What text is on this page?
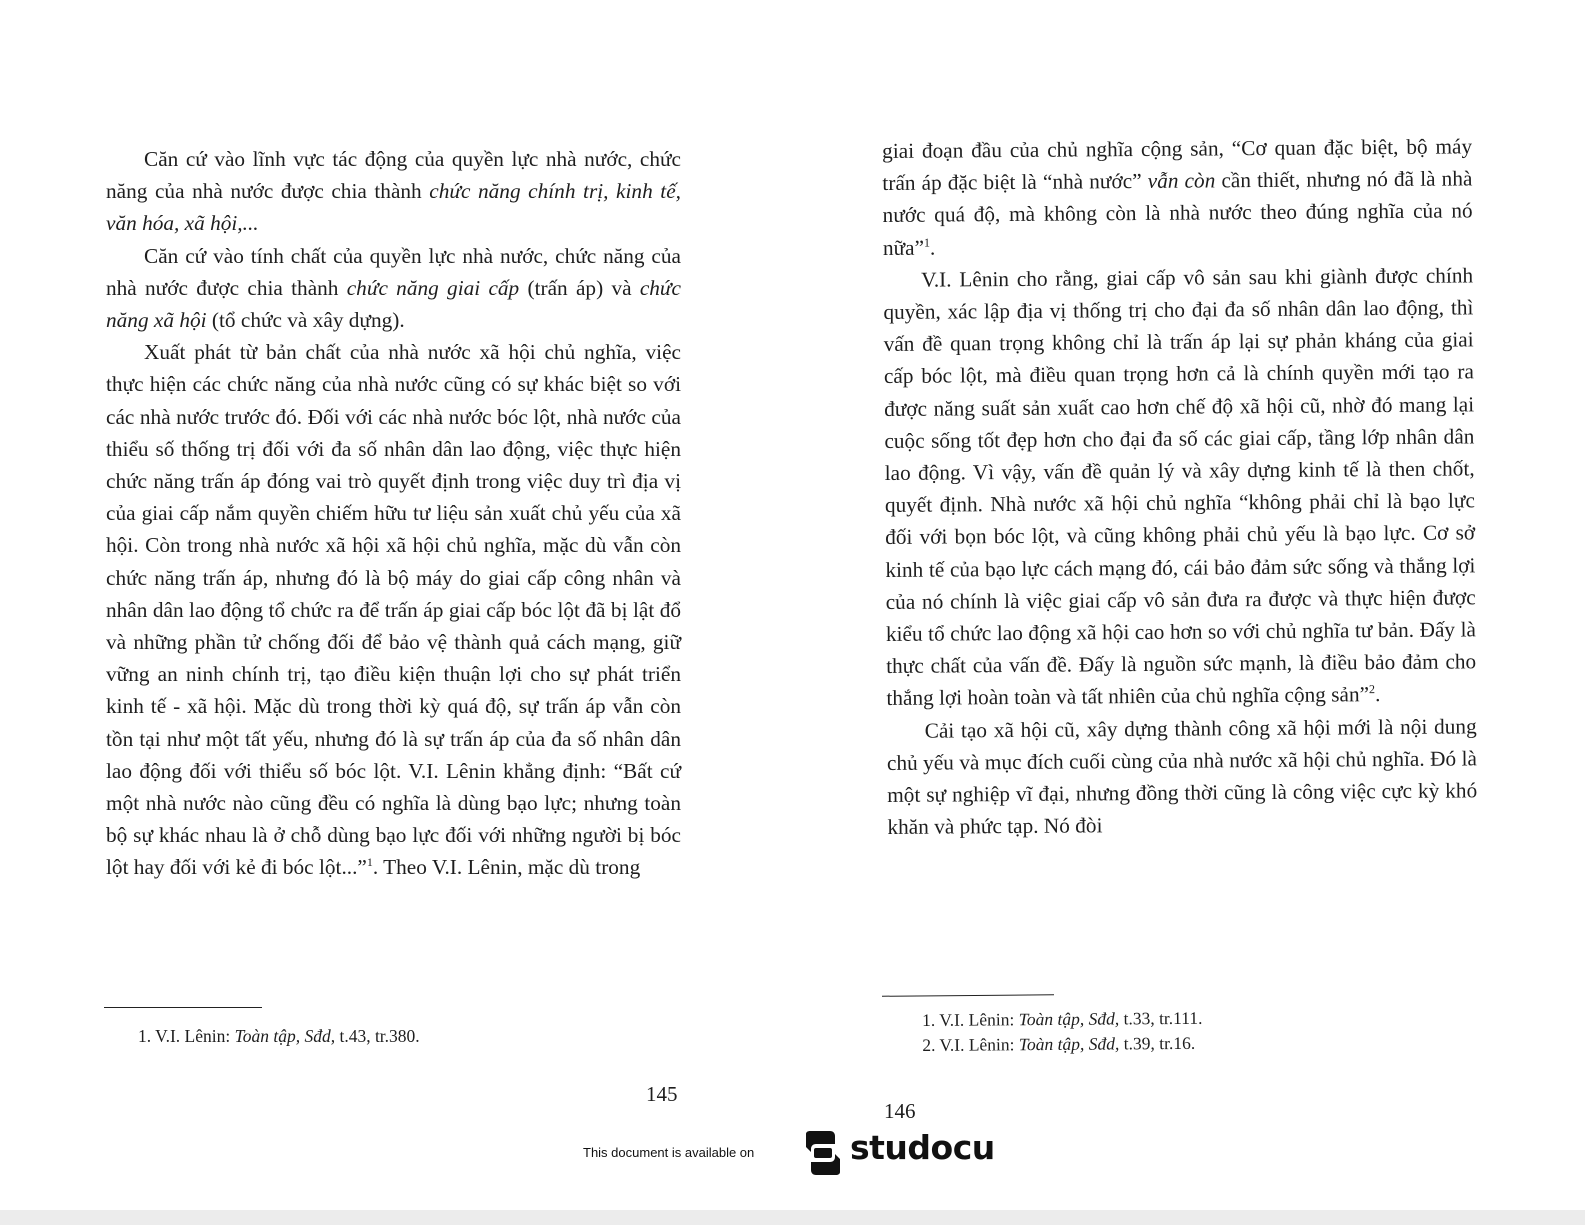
Căn cứ vào lĩnh vực tác động của quyền lực nhà nước, chức năng của nhà nước được chia thành chức năng chính trị, kinh tế, văn hóa, xã hội,...

Căn cứ vào tính chất của quyền lực nhà nước, chức năng của nhà nước được chia thành chức năng giai cấp (trấn áp) và chức năng xã hội (tổ chức và xây dựng).

Xuất phát từ bản chất của nhà nước xã hội chủ nghĩa, việc thực hiện các chức năng của nhà nước cũng có sự khác biệt so với các nhà nước trước đó. Đối với các nhà nước bóc lột, nhà nước của thiểu số thống trị đối với đa số nhân dân lao động, việc thực hiện chức năng trấn áp đóng vai trò quyết định trong việc duy trì địa vị của giai cấp nắm quyền chiếm hữu tư liệu sản xuất chủ yếu của xã hội. Còn trong nhà nước xã hội xã hội chủ nghĩa, mặc dù vẫn còn chức năng trấn áp, nhưng đó là bộ máy do giai cấp công nhân và nhân dân lao động tổ chức ra để trấn áp giai cấp bóc lột đã bị lật đổ và những phần tử chống đối để bảo vệ thành quả cách mạng, giữ vững an ninh chính trị, tạo điều kiện thuận lợi cho sự phát triển kinh tế - xã hội. Mặc dù trong thời kỳ quá độ, sự trấn áp vẫn còn tồn tại như một tất yếu, nhưng đó là sự trấn áp của đa số nhân dân lao động đối với thiểu số bóc lột. V.I. Lênin khẳng định: “Bất cứ một nhà nước nào cũng đều có nghĩa là dùng bạo lực; nhưng toàn bộ sự khác nhau là ở chỗ dùng bạo lực đối với những người bị bóc lột hay đối với kẻ đi bóc lột...”$^1$. Theo V.I. Lênin, mặc dù trong

1. V.I. Lênin: Toàn tập, Sđd, t.43, tr.380.
145

giai đoạn đầu của chủ nghĩa cộng sản, “Cơ quan đặc biệt, bộ máy trấn áp đặc biệt là “nhà nước” vẫn còn cần thiết, nhưng nó đã là nhà nước quá độ, mà không còn là nhà nước theo đúng nghĩa của nó nữa”$^1$.

V.I. Lênin cho rằng, giai cấp vô sản sau khi giành được chính quyền, xác lập địa vị thống trị cho đại đa số nhân dân lao động, thì vấn đề quan trọng không chỉ là trấn áp lại sự phản kháng của giai cấp bóc lột, mà điều quan trọng hơn cả là chính quyền mới tạo ra được năng suất sản xuất cao hơn chế độ xã hội cũ, nhờ đó mang lại cuộc sống tốt đẹp hơn cho đại đa số các giai cấp, tầng lớp nhân dân lao động. Vì vậy, vấn đề quản lý và xây dựng kinh tế là then chốt, quyết định. Nhà nước xã hội chủ nghĩa “không phải chỉ là bạo lực đối với bọn bóc lột, và cũng không phải chủ yếu là bạo lực. Cơ sở kinh tế của bạo lực cách mạng đó, cái bảo đảm sức sống và thắng lợi của nó chính là việc giai cấp vô sản đưa ra được và thực hiện được kiểu tổ chức lao động xã hội cao hơn so với chủ nghĩa tư bản. Đấy là thực chất của vấn đề. Đấy là nguồn sức mạnh, là điều bảo đảm cho thắng lợi hoàn toàn và tất nhiên của chủ nghĩa cộng sản”$^2$.

Cải tạo xã hội cũ, xây dựng thành công xã hội mới là nội dung chủ yếu và mục đích cuối cùng của nhà nước xã hội chủ nghĩa. Đó là một sự nghiệp vĩ đại, nhưng đồng thời cũng là công việc cực kỳ khó khăn và phức tạp. Nó đòi

1. V.I. Lênin: Toàn tập, Sđd, t.33, tr.111.
2. V.I. Lênin: Toàn tập, Sđd, t.39, tr.16.
146
This document is available on	studocu
